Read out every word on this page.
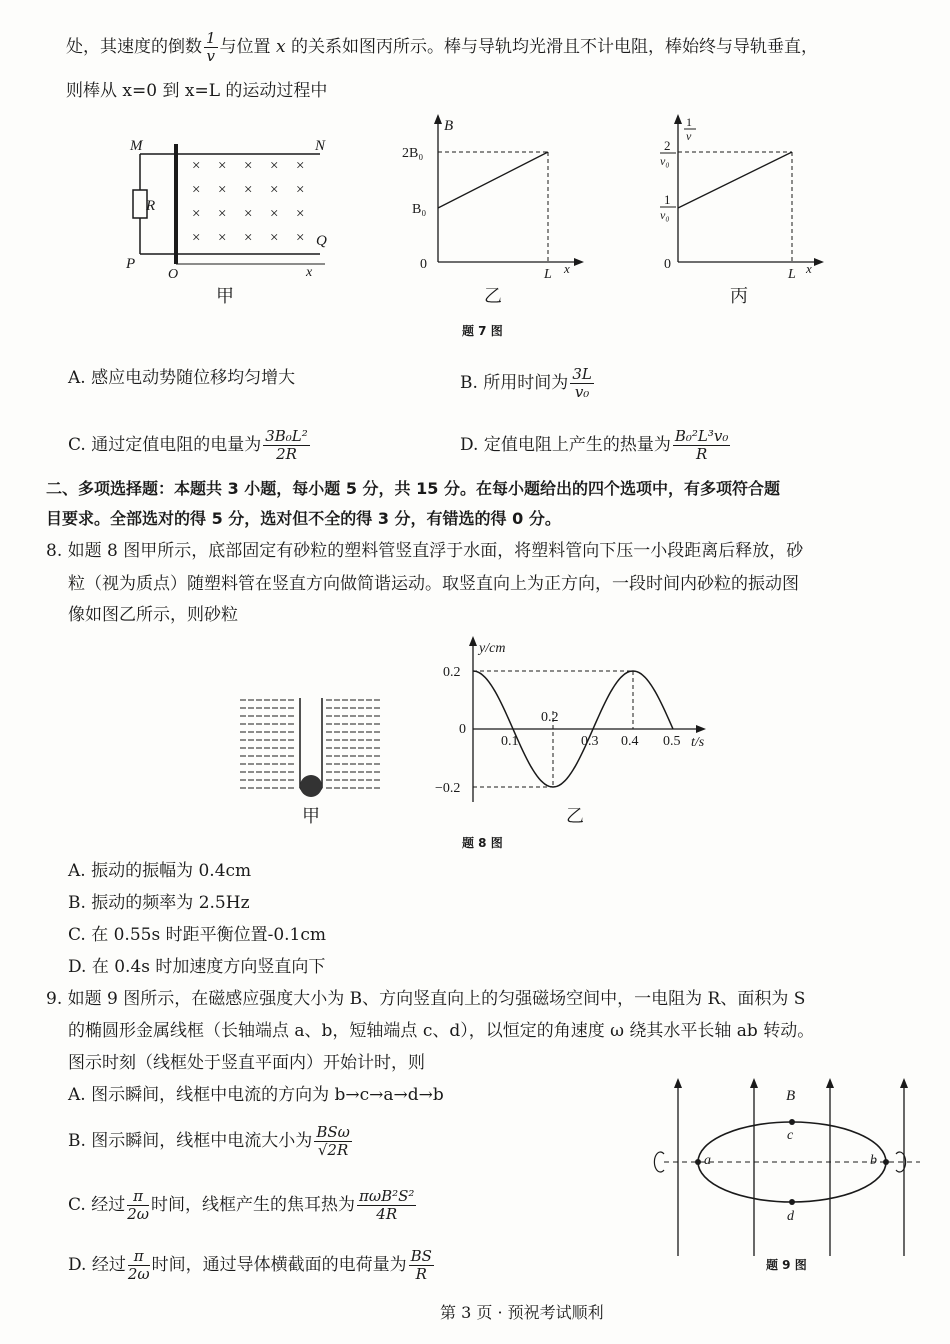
处，其速度的倒数 $\frac{1}{v}$ 与位置 x 的关系如图丙所示。棒与导轨均光滑且不计电阻，棒始终与导轨垂直，
则棒从 x=0 到 x=L 的运动过程中
× × × × ×
× × × × ×
× × × × ×
× × × × ×
M	N
P
Q
O
R
x
甲
B
2B₀
B₀
0
L x
乙
1
v
2
v₀
1
v₀
0
L x
丙
题 7 图
A. 感应电动势随位移均匀增大	B. 所用时间为 $\frac{3L}{\text{v₀}}$
C. 通过定值电阻的电量为 $\frac{\text{3B₀L²}}{2R}$	D. 定值电阻上产生的热量为 $\frac{\text{B₀²L³v₀}}{R}$
二、多项选择题：本题共 3 小题，每小题 5 分，共 15 分。在每小题给出的四个选项中，有多项符合题
目要求。全部选对的得 5 分，选对但不全的得 3 分，有错选的得 0 分。
8. 如题 8 图甲所示，底部固定有砂粒的塑料管竖直浮于水面，将塑料管向下压一小段距离后释放，砂
粒（视为质点）随塑料管在竖直方向做简谐运动。取竖直向上为正方向，一段时间内砂粒的振动图
像如图乙所示，则砂粒
甲
0.1
0.2
0.3 0.4 0.5
0.2
0
−0.2
y/cm
t/s
乙
题 8 图
A. 振动的振幅为 0.4cm
B. 振动的频率为 2.5Hz
C. 在 0.55s 时距平衡位置-0.1cm
D. 在 0.4s 时加速度方向竖直向下
9. 如题 9 图所示，在磁感应强度大小为 B、方向竖直向上的匀强磁场空间中，一电阻为 R、面积为 S
的椭圆形金属线框（长轴端点 a、b，短轴端点 c、d），以恒定的角速度 ω 绕其水平长轴 ab 转动。
图示时刻（线框处于竖直平面内）开始计时，则
A. 图示瞬间，线框中电流的方向为 b→c→a→d→b
B. 图示瞬间，线框中电流大小为 $\frac{\text{BSω}}{√2R}$
C. 经过 $\frac{\pi}{2\omega}$ 时间，线框产生的焦耳热为 $\frac{\text{πωB²S²}}{4R}$
D. 经过 $\frac{\pi}{2\omega}$ 时间，通过导体横截面的电荷量为 $\frac{BS}{R}$
B
a	b
c
d
题 9 图
第 3 页 · 预祝考试顺利
